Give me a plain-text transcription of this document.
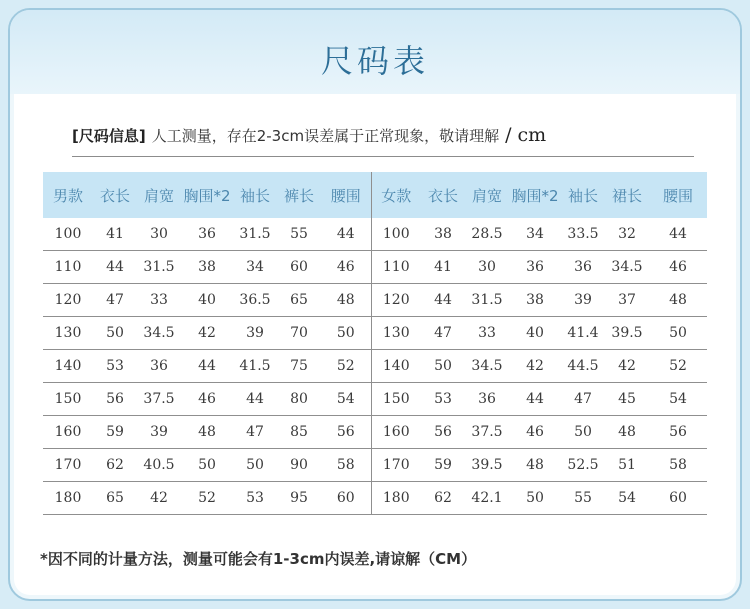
尺码表
[尺码信息] 人工测量，存在2-3cm误差属于正常现象，敬请理解 / cm
男款	衣长	肩宽	胸围*2	袖长	裤长	腰围	女款	衣长	肩宽	胸围*2	袖长	裙长	腰围
100	41	30	36	31.5	55	44	100	38	28.5	34	33.5	32	44
110	44	31.5	38	34	60	46	110	41	30	36	36	34.5	46
120	47	33	40	36.5	65	48	120	44	31.5	38	39	37	48
130	50	34.5	42	39	70	50	130	47	33	40	41.4	39.5	50
140	53	36	44	41.5	75	52	140	50	34.5	42	44.5	42	52
150	56	37.5	46	44	80	54	150	53	36	44	47	45	54
160	59	39	48	47	85	56	160	56	37.5	46	50	48	56
170	62	40.5	50	50	90	58	170	59	39.5	48	52.5	51	58
180	65	42	52	53	95	60	180	62	42.1	50	55	54	60
*因不同的计量方法，测量可能会有1-3cm内误差,请谅解（CM）
